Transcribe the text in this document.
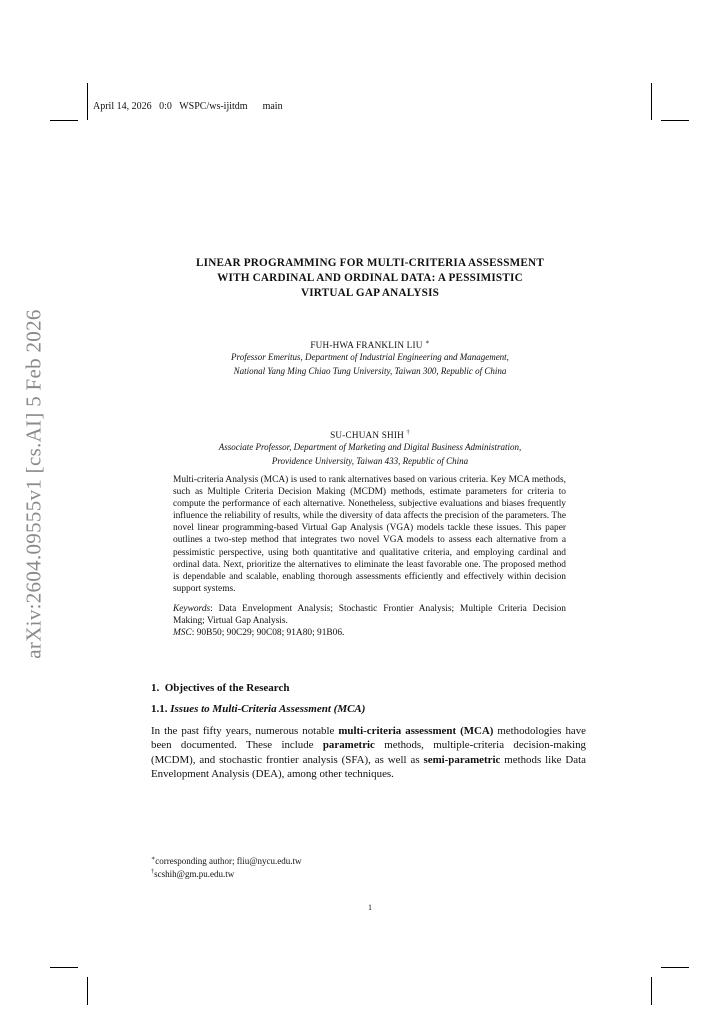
April 14, 2026 0:0 WSPC/ws-ijitdm main
arXiv:2604.09555v1 [cs.AI] 5 Feb 2026
LINEAR PROGRAMMING FOR MULTI-CRITERIA ASSESSMENT
WITH CARDINAL AND ORDINAL DATA: A PESSIMISTIC
VIRTUAL GAP ANALYSIS
FUH-HWA FRANKLIN LIU ∗
Professor Emeritus, Department of Industrial Engineering and Management,
National Yang Ming Chiao Tung University, Taiwan 300, Republic of China
SU-CHUAN SHIH †
Associate Professor, Department of Marketing and Digital Business Administration,
Providence University, Taiwan 433, Republic of China

Multi-criteria Analysis (MCA) is used to rank alternatives based on various criteria. Key MCA methods, such as Multiple Criteria Decision Making (MCDM) methods, estimate parameters for criteria to compute the performance of each alternative. Nonetheless, subjective evaluations and biases frequently influence the reliability of results, while the diversity of data affects the precision of the parameters. The novel linear programming-based Virtual Gap Analysis (VGA) models tackle these issues. This paper outlines a two-step method that integrates two novel VGA models to assess each alternative from a pessimistic perspective, using both quantitative and qualitative criteria, and employing cardinal and ordinal data. Next, prioritize the alternatives to eliminate the least favorable one. The proposed method is dependable and scalable, enabling thorough assessments efficiently and effectively within decision support systems.

Keywords: Data Envelopment Analysis; Stochastic Frontier Analysis; Multiple Criteria Decision Making; Virtual Gap Analysis.

MSC: 90B50; 90C29; 90C08; 91A80; 91B06.

1.  Objectives of the Research
1.1. Issues to Multi-Criteria Assessment (MCA)

In the past fifty years, numerous notable multi-criteria assessment (MCA) methodologies have been documented. These include parametric methods, multiple-criteria decision-making (MCDM), and stochastic frontier analysis (SFA), as well as semi-parametric methods like Data Envelopment Analysis (DEA), among other techniques.

∗corresponding author; fliu@nycu.edu.tw
†scshih@gm.pu.edu.tw
1
